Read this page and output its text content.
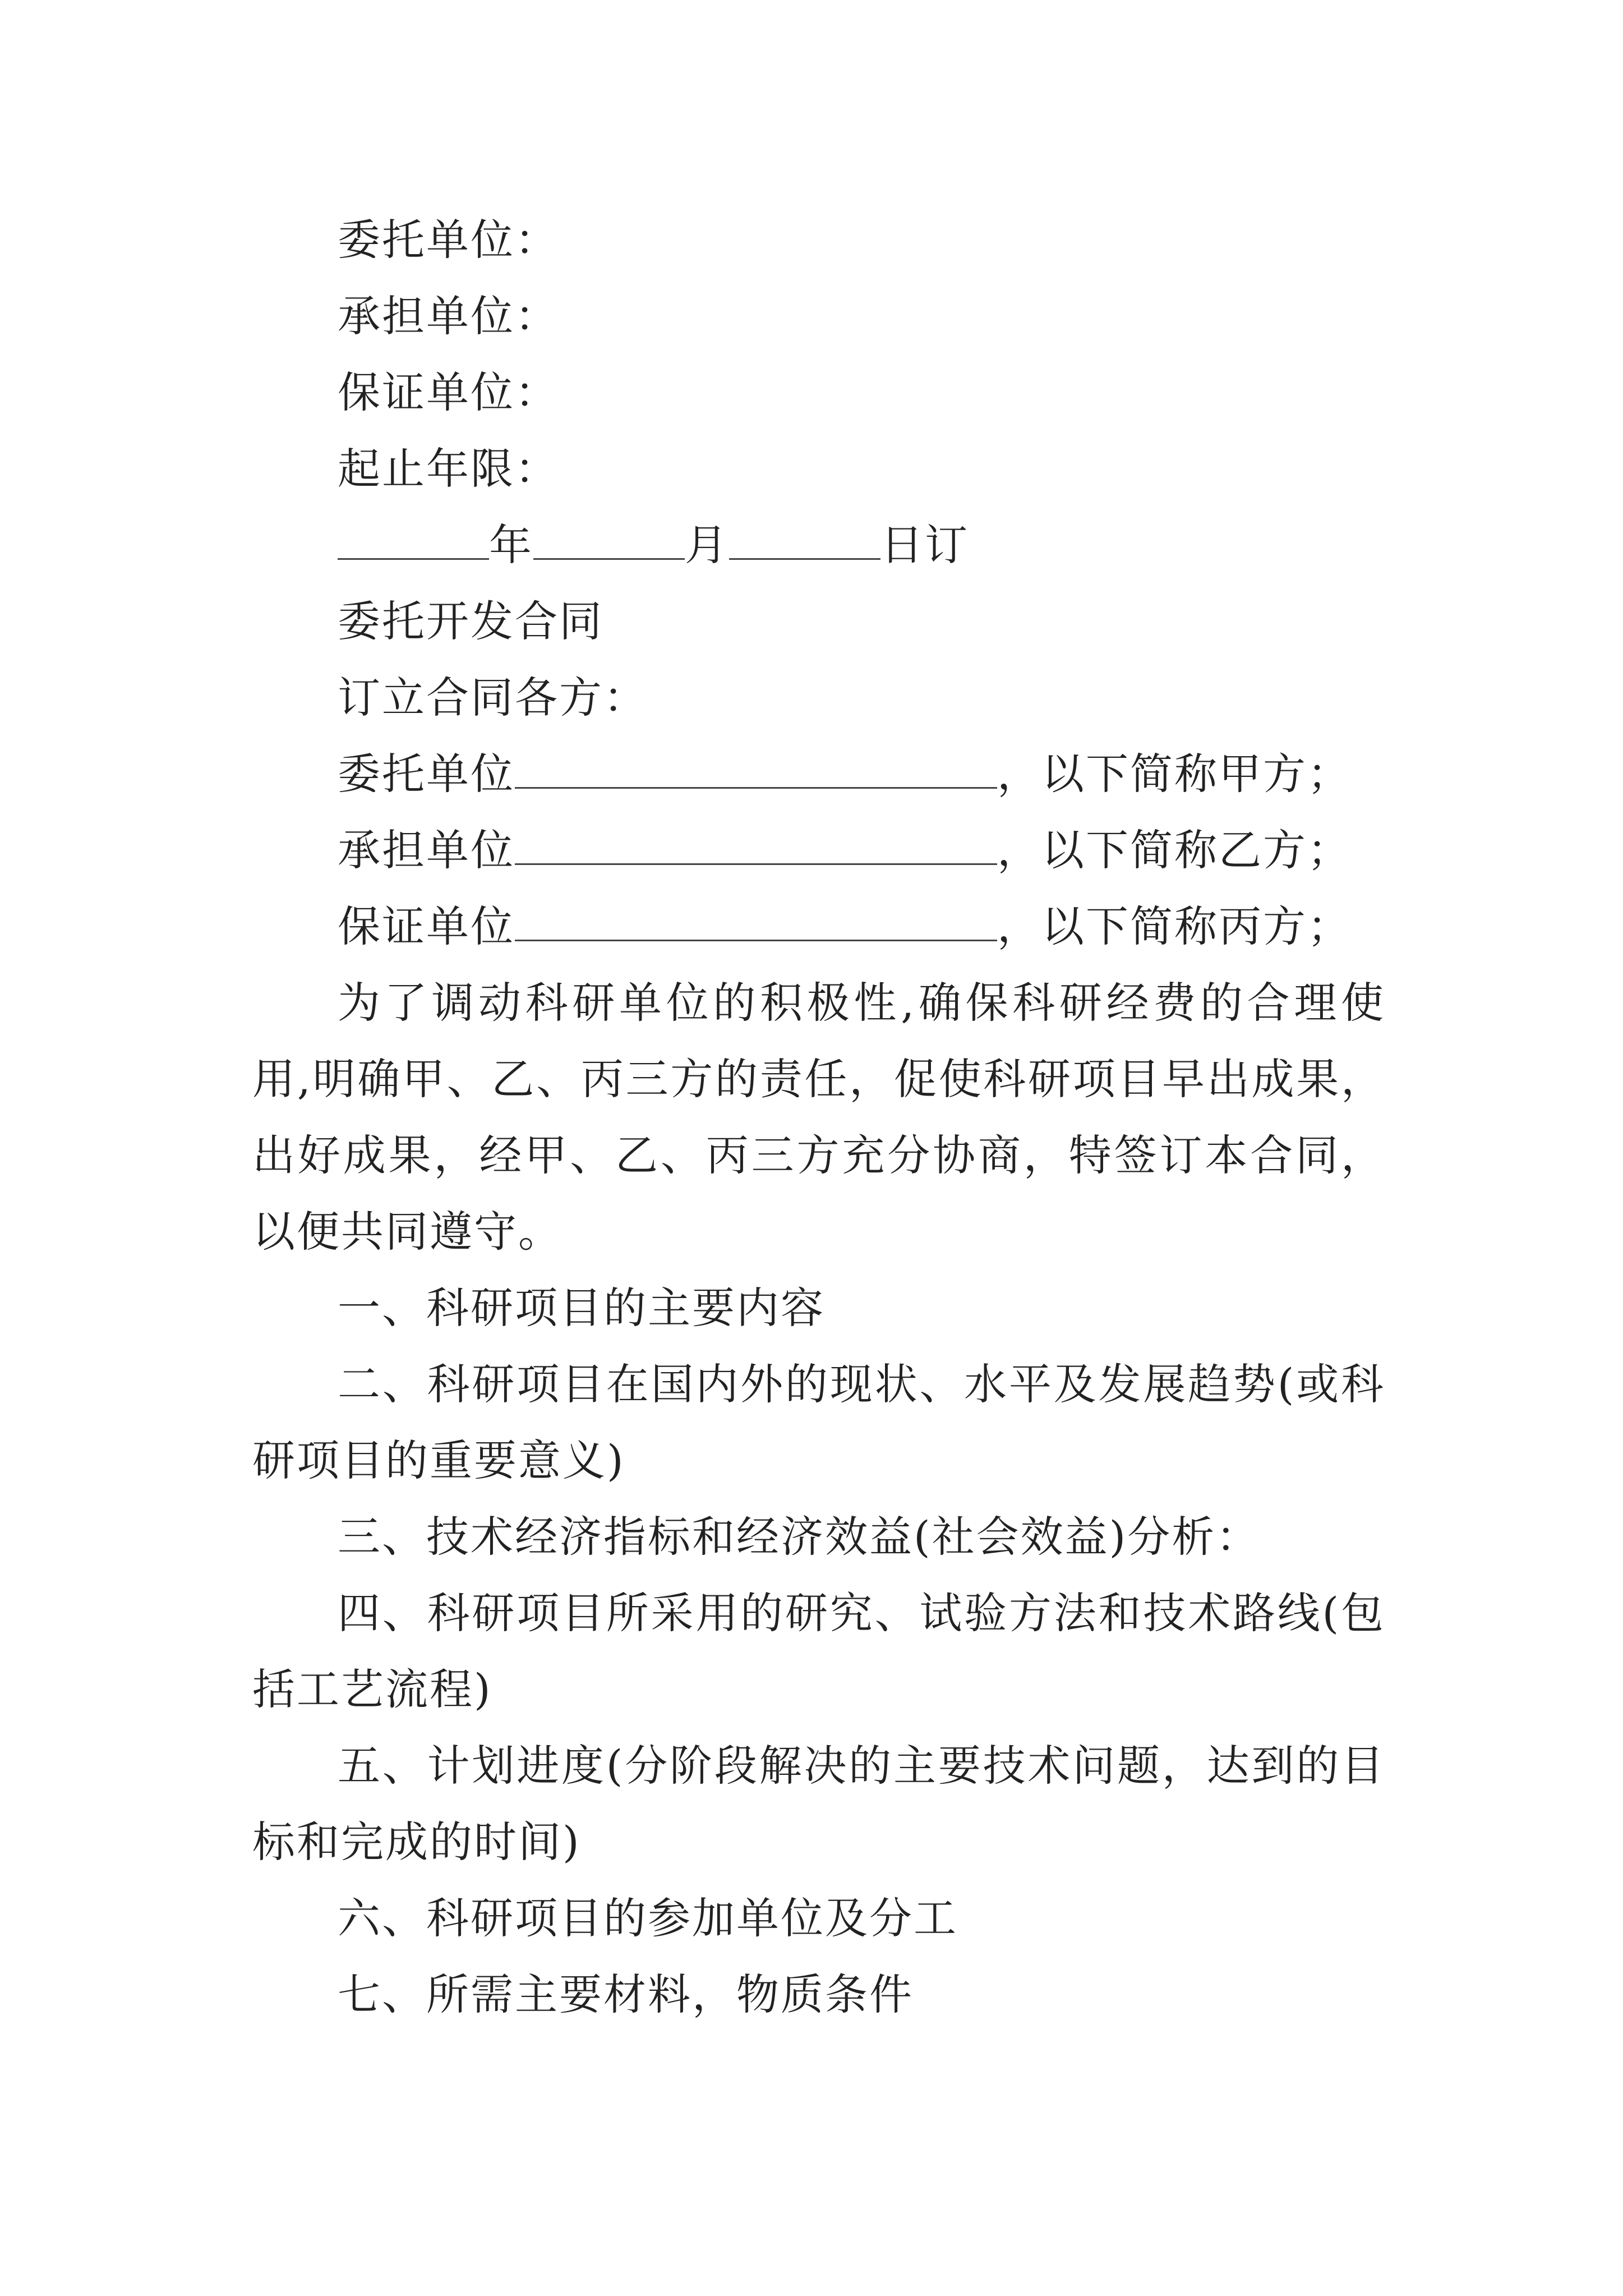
委托单位：
承担单位：
保证单位：
起止年限：
年	月	日订
委托开发合同
订立合同各方：
委托单位	，以下简称甲方；
承担单位	，以下简称乙方；
保证单位	，以下简称丙方；
为了调动科研单位的积极性,确保科研经费的合理使用,明确甲、乙、丙三方的责任，促使科研项目早出成果，出好成果，经甲、乙、丙三方充分协商，特签订本合同，以便共同遵守。
一、科研项目的主要内容
二、科研项目在国内外的现状、水平及发展趋势(或科研项目的重要意义)
三、技术经济指标和经济效益(社会效益)分析：
四、科研项目所采用的研究、试验方法和技术路线(包括工艺流程)
五、计划进度(分阶段解决的主要技术问题，达到的目标和完成的时间)
六、科研项目的参加单位及分工
七、所需主要材料，物质条件
